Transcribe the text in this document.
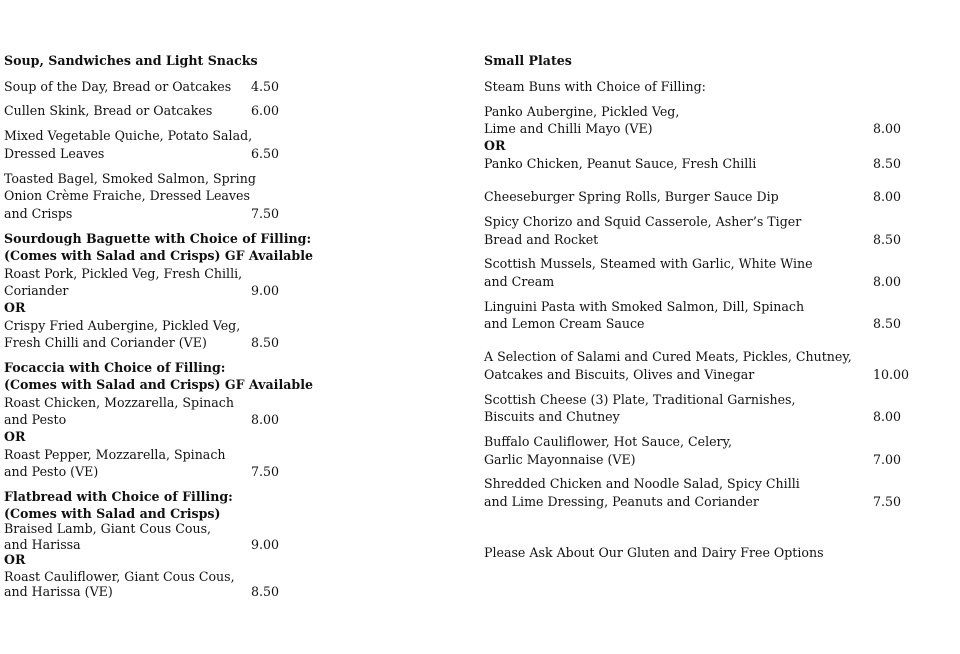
Soup, Sandwiches and Light Snacks
Soup of the Day, Bread or Oatcakes 4.50
Cullen Skink, Bread or Oatcakes	6.00
Mixed Vegetable Quiche, Potato Salad,
Dressed Leaves	6.50
Toasted Bagel, Smoked Salmon, Spring
Onion Crème Fraiche, Dressed Leaves
and Crisps	7.50
Sourdough Baguette with Choice of Filling:
(Comes with Salad and Crisps) GF Available
Roast Pork, Pickled Veg, Fresh Chilli,
Coriander	9.00
OR
Crispy Fried Aubergine, Pickled Veg,
Fresh Chilli and Coriander (VE)	8.50
Focaccia with Choice of Filling:
(Comes with Salad and Crisps) GF Available
Roast Chicken, Mozzarella, Spinach
and Pesto	8.00
OR
Roast Pepper, Mozzarella, Spinach
and Pesto (VE)	7.50
Flatbread with Choice of Filling:
(Comes with Salad and Crisps)
Braised Lamb, Giant Cous Cous,
and Harissa	9.00
OR
Roast Cauliflower, Giant Cous Cous,
and Harissa (VE)	8.50
Small Plates
Steam Buns with Choice of Filling:
Panko Aubergine, Pickled Veg,
Lime and Chilli Mayo (VE)	8.00
OR
Panko Chicken, Peanut Sauce, Fresh Chilli	8.50
Cheeseburger Spring Rolls, Burger Sauce Dip	8.00
Spicy Chorizo and Squid Casserole, Asher’s Tiger
Bread and Rocket	8.50
Scottish Mussels, Steamed with Garlic, White Wine
and Cream	8.00
Linguini Pasta with Smoked Salmon, Dill, Spinach
and Lemon Cream Sauce	8.50
A Selection of Salami and Cured Meats, Pickles, Chutney,
Oatcakes and Biscuits, Olives and Vinegar	10.00
Scottish Cheese (3) Plate, Traditional Garnishes,
Biscuits and Chutney	8.00
Buffalo Cauliflower, Hot Sauce, Celery,
Garlic Mayonnaise (VE)	7.00
Shredded Chicken and Noodle Salad, Spicy Chilli
and Lime Dressing, Peanuts and Coriander	7.50
Please Ask About Our Gluten and Dairy Free Options
